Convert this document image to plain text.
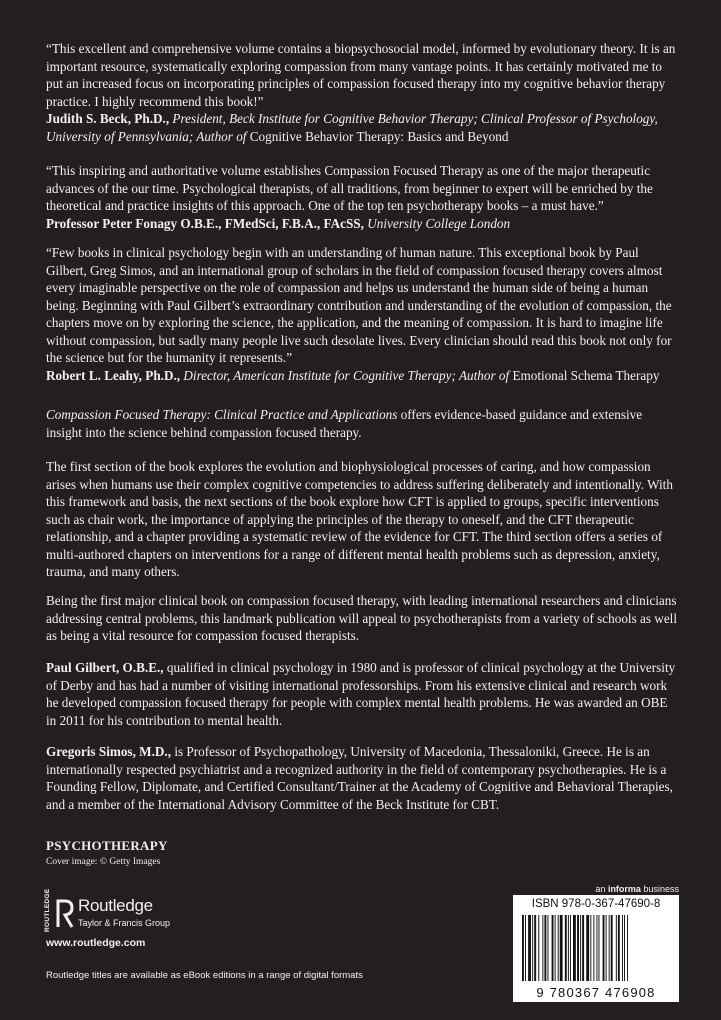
“This excellent and comprehensive volume contains a biopsychosocial model, informed by evolutionary theory. It is an important resource, systematically exploring compassion from many vantage points. It has certainly motivated me to put an increased focus on incorporating principles of compassion focused therapy into my cognitive behavior therapy practice. I highly recommend this book!”

Judith S. Beck, Ph.D., President, Beck Institute for Cognitive Behavior Therapy; Clinical Professor of Psychology, University of Pennsylvania; Author of Cognitive Behavior Therapy: Basics and Beyond

“This inspiring and authoritative volume establishes Compassion Focused Therapy as one of the major therapeutic advances of the our time. Psychological therapists, of all traditions, from beginner to expert will be enriched by the theoretical and practice insights of this approach. One of the top ten psychotherapy books – a must have.”

Professor Peter Fonagy O.B.E., FMedSci, F.B.A., FAcSS, University College London

“Few books in clinical psychology begin with an understanding of human nature. This exceptional book by Paul Gilbert, Greg Simos, and an international group of scholars in the field of compassion focused therapy covers almost every imaginable perspective on the role of compassion and helps us understand the human side of being a human being. Beginning with Paul Gilbert’s extraordinary contribution and understanding of the evolution of compassion, the chapters move on by exploring the science, the application, and the meaning of compassion. It is hard to imagine life without compassion, but sadly many people live such desolate lives. Every clinician should read this book not only for the science but for the humanity it represents.”

Robert L. Leahy, Ph.D., Director, American Institute for Cognitive Therapy; Author of Emotional Schema Therapy

Compassion Focused Therapy: Clinical Practice and Applications offers evidence-based guidance and extensive insight into the science behind compassion focused therapy.

The first section of the book explores the evolution and biophysiological processes of caring, and how compassion arises when humans use their complex cognitive competencies to address suffering deliberately and intentionally. With this framework and basis, the next sections of the book explore how CFT is applied to groups, specific interventions such as chair work, the importance of applying the principles of the therapy to oneself, and the CFT therapeutic relationship, and a chapter providing a systematic review of the evidence for CFT. The third section offers a series of multi-authored chapters on interventions for a range of different mental health problems such as depression, anxiety, trauma, and many others.

Being the first major clinical book on compassion focused therapy, with leading international researchers and clinicians addressing central problems, this landmark publication will appeal to psychotherapists from a variety of schools as well as being a vital resource for compassion focused therapists.

Paul Gilbert, O.B.E., qualified in clinical psychology in 1980 and is professor of clinical psychology at the University of Derby and has had a number of visiting international professorships. From his extensive clinical and research work he developed compassion focused therapy for people with complex mental health problems. He was awarded an OBE in 2011 for his contribution to mental health.

Gregoris Simos, M.D., is Professor of Psychopathology, University of Macedonia, Thessaloniki, Greece. He is an internationally respected psychiatrist and a recognized authority in the field of contemporary psychotherapies. He is a Founding Fellow, Diplomate, and Certified Consultant/Trainer at the Academy of Cognitive and Behavioral Therapies, and a member of the International Advisory Committee of the Beck Institute for CBT.

PSYCHOTHERAPY
Cover image: © Getty Images
ROUTLEDGE Routledge
Taylor & Francis Group
www.routledge.com
Routledge titles are available as eBook editions in a range of digital formats
an informa business
ISBN 978-0-367-47690-8
9 780367 476908
